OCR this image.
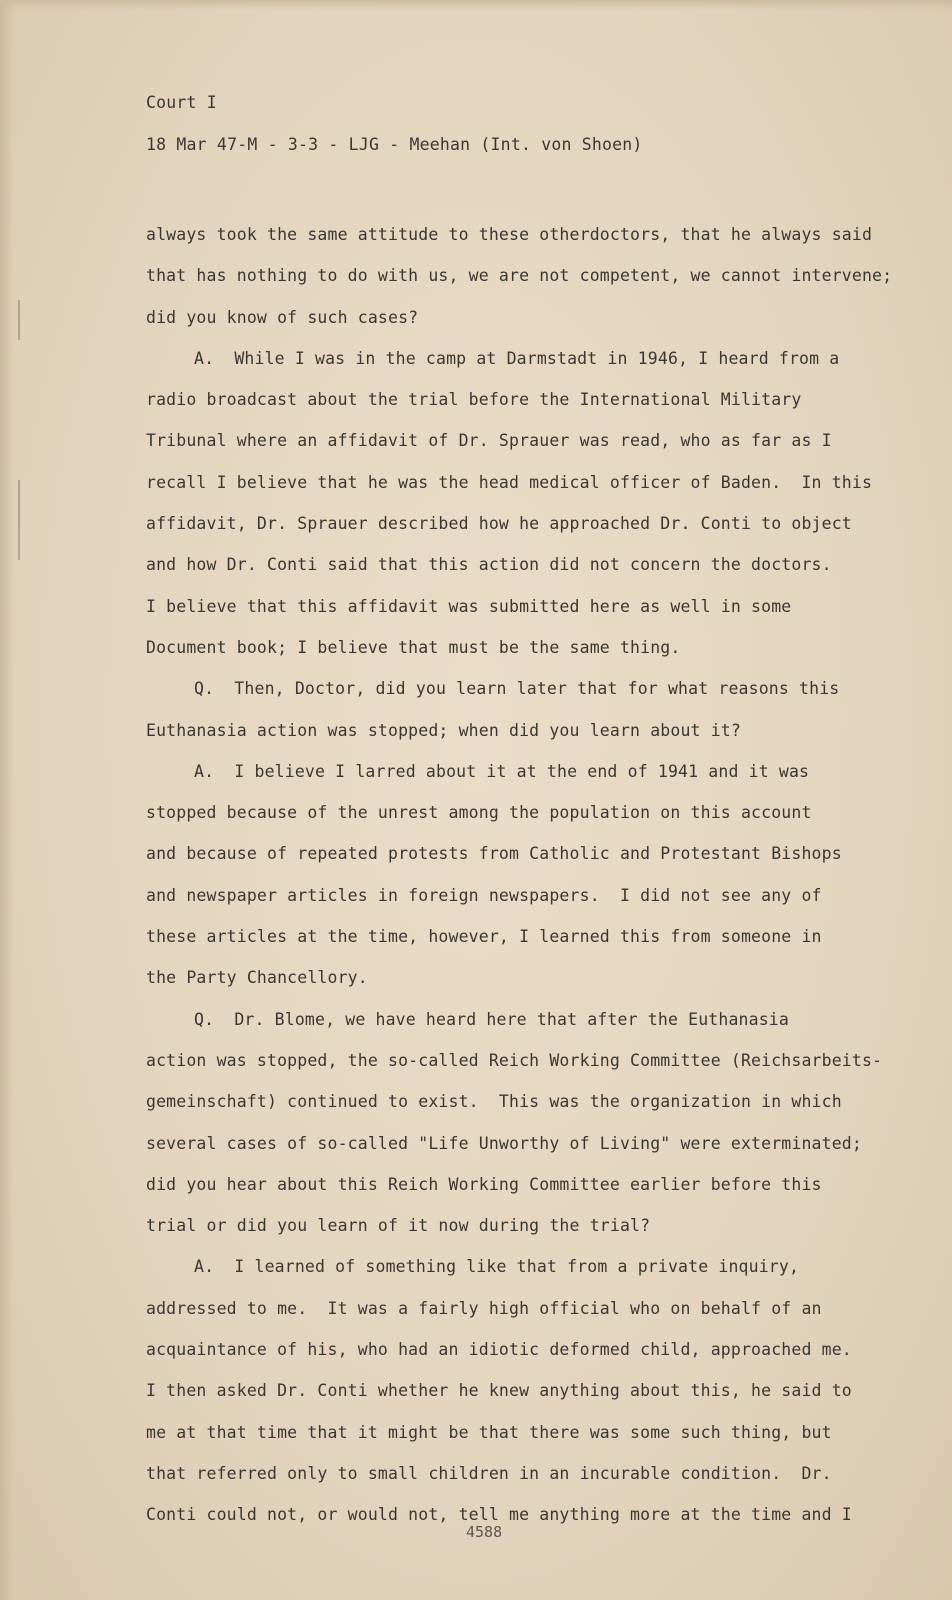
Court I
18 Mar 47-M - 3-3 - LJG - Meehan (Int. von Shoen)
always took the same attitude to these otherdoctors, that he always said
that has nothing to do with us, we are not competent, we cannot intervene;
did you know of such cases?
A.  While I was in the camp at Darmstadt in 1946, I heard from a
radio broadcast about the trial before the International Military
Tribunal where an affidavit of Dr. Sprauer was read, who as far as I
recall I believe that he was the head medical officer of Baden.  In this
affidavit, Dr. Sprauer described how he approached Dr. Conti to object
and how Dr. Conti said that this action did not concern the doctors.
I believe that this affidavit was submitted here as well in some
Document book; I believe that must be the same thing.
Q.  Then, Doctor, did you learn later that for what reasons this
Euthanasia action was stopped; when did you learn about it?
A.  I believe I larred about it at the end of 1941 and it was
stopped because of the unrest among the population on this account
and because of repeated protests from Catholic and Protestant Bishops
and newspaper articles in foreign newspapers.  I did not see any of
these articles at the time, however, I learned this from someone in
the Party Chancellory.
Q.  Dr. Blome, we have heard here that after the Euthanasia
action was stopped, the so-called Reich Working Committee (Reichsarbeits-
gemeinschaft) continued to exist.  This was the organization in which
several cases of so-called "Life Unworthy of Living" were exterminated;
did you hear about this Reich Working Committee earlier before this
trial or did you learn of it now during the trial?
A.  I learned of something like that from a private inquiry,
addressed to me.  It was a fairly high official who on behalf of an
acquaintance of his, who had an idiotic deformed child, approached me.
I then asked Dr. Conti whether he knew anything about this, he said to
me at that time that it might be that there was some such thing, but
that referred only to small children in an incurable condition.  Dr.
Conti could not, or would not, tell me anything more at the time and I
4588
